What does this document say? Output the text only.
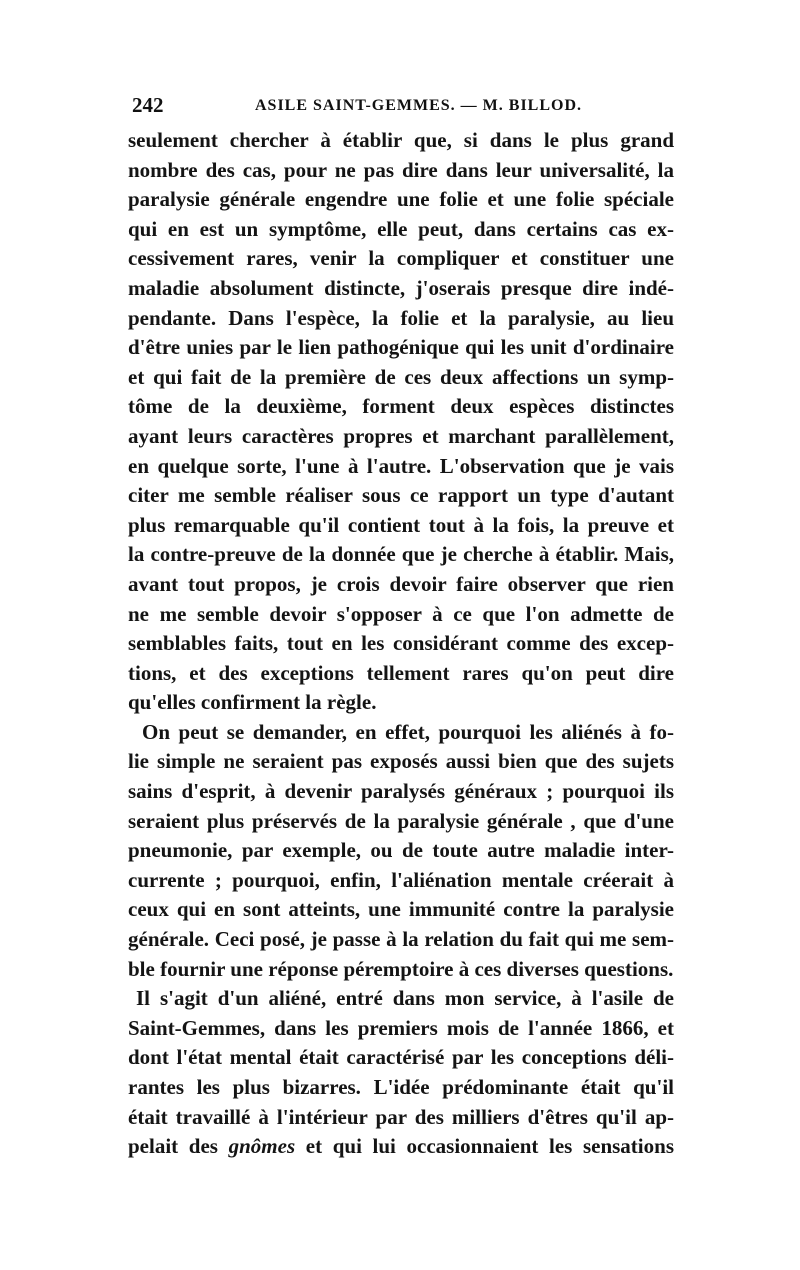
242	ASILE SAINT-GEMMES. — M. BILLOD.
seulement chercher à établir que, si dans le plus grand
nombre des cas, pour ne pas dire dans leur universalité, la
paralysie générale engendre une folie et une folie spéciale
qui en est un symptôme, elle peut, dans certains cas ex-
cessivement rares, venir la compliquer et constituer une
maladie absolument distincte, j'oserais presque dire indé-
pendante. Dans l'espèce, la folie et la paralysie, au lieu
d'être unies par le lien pathogénique qui les unit d'ordinaire
et qui fait de la première de ces deux affections un symp-
tôme de la deuxième, forment deux espèces distinctes
ayant leurs caractères propres et marchant parallèlement,
en quelque sorte, l'une à l'autre. L'observation que je vais
citer me semble réaliser sous ce rapport un type d'autant
plus remarquable qu'il contient tout à la fois, la preuve et
la contre-preuve de la donnée que je cherche à établir. Mais,
avant tout propos, je crois devoir faire observer que rien
ne me semble devoir s'opposer à ce que l'on admette de
semblables faits, tout en les considérant comme des excep-
tions, et des exceptions tellement rares qu'on peut dire
qu'elles confirment la règle.
On peut se demander, en effet, pourquoi les aliénés à fo-
lie simple ne seraient pas exposés aussi bien que des sujets
sains d'esprit, à devenir paralysés généraux ; pourquoi ils
seraient plus préservés de la paralysie générale , que d'une
pneumonie, par exemple, ou de toute autre maladie inter-
currente ; pourquoi, enfin, l'aliénation mentale créerait à
ceux qui en sont atteints, une immunité contre la paralysie
générale. Ceci posé, je passe à la relation du fait qui me sem-
ble fournir une réponse péremptoire à ces diverses questions.
Il s'agit d'un aliéné, entré dans mon service, à l'asile de
Saint-Gemmes, dans les premiers mois de l'année 1866, et
dont l'état mental était caractérisé par les conceptions déli-
rantes les plus bizarres. L'idée prédominante était qu'il
était travaillé à l'intérieur par des milliers d'êtres qu'il ap-
pelait des gnômes et qui lui occasionnaient les sensations
